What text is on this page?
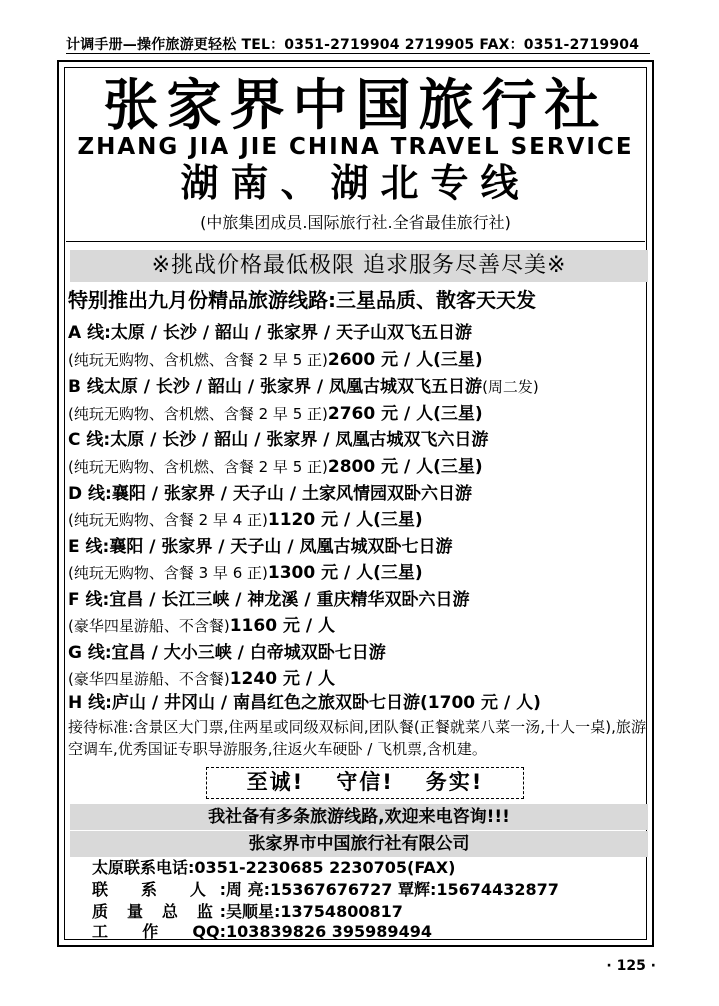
计调手册—操作旅游更轻松 TEL：0351-2719904 2719905 FAX：0351-2719904
张家界中国旅行社
ZHANG JIA JIE CHINA TRAVEL SERVICE
湖南、湖北专线
(中旅集团成员.国际旅行社.全省最佳旅行社)
※挑战价格最低极限 追求服务尽善尽美※
特别推出九月份精品旅游线路:三星品质、散客天天发
A 线:太原 / 长沙 / 韶山 / 张家界 / 天子山双飞五日游
(纯玩无购物、含机燃、含餐 2 早 5 正)2600 元 / 人(三星)
B 线太原 / 长沙 / 韶山 / 张家界 / 凤凰古城双飞五日游(周二发)
(纯玩无购物、含机燃、含餐 2 早 5 正)2760 元 / 人(三星)
C 线:太原 / 长沙 / 韶山 / 张家界 / 凤凰古城双飞六日游
(纯玩无购物、含机燃、含餐 2 早 5 正)2800 元 / 人(三星)
D 线:襄阳 / 张家界 / 天子山 / 土家风情园双卧六日游
(纯玩无购物、含餐 2 早 4 正)1120 元 / 人(三星)
E 线:襄阳 / 张家界 / 天子山 / 凤凰古城双卧七日游
(纯玩无购物、含餐 3 早 6 正)1300 元 / 人(三星)
F 线:宜昌 / 长江三峡 / 神龙溪 / 重庆精华双卧六日游
(豪华四星游船、不含餐)1160 元 / 人
G 线:宜昌 / 大小三峡 / 白帝城双卧七日游
(豪华四星游船、不含餐)1240 元 / 人
H 线:庐山 / 井冈山 / 南昌红色之旅双卧七日游(1700 元 / 人)
接待标准:含景区大门票,住两星或同级双标间,团队餐(正餐就菜八菜一汤,十人一桌),旅游空调车,优秀国证专职导游服务,往返火车硬卧 / 飞机票,含机建。
至诚! 守信! 务实!
我社备有多条旅游线路,欢迎来电咨询!!!
张家界市中国旅行社有限公司
太原联系电话:0351-2230685 2230705(FAX)
联 系 人:周 亮:15367676727 覃辉:15674432877
质 量 总 监:吴顺星:13754800817
工 作 QQ:103839826 395989494
· 125 ·
